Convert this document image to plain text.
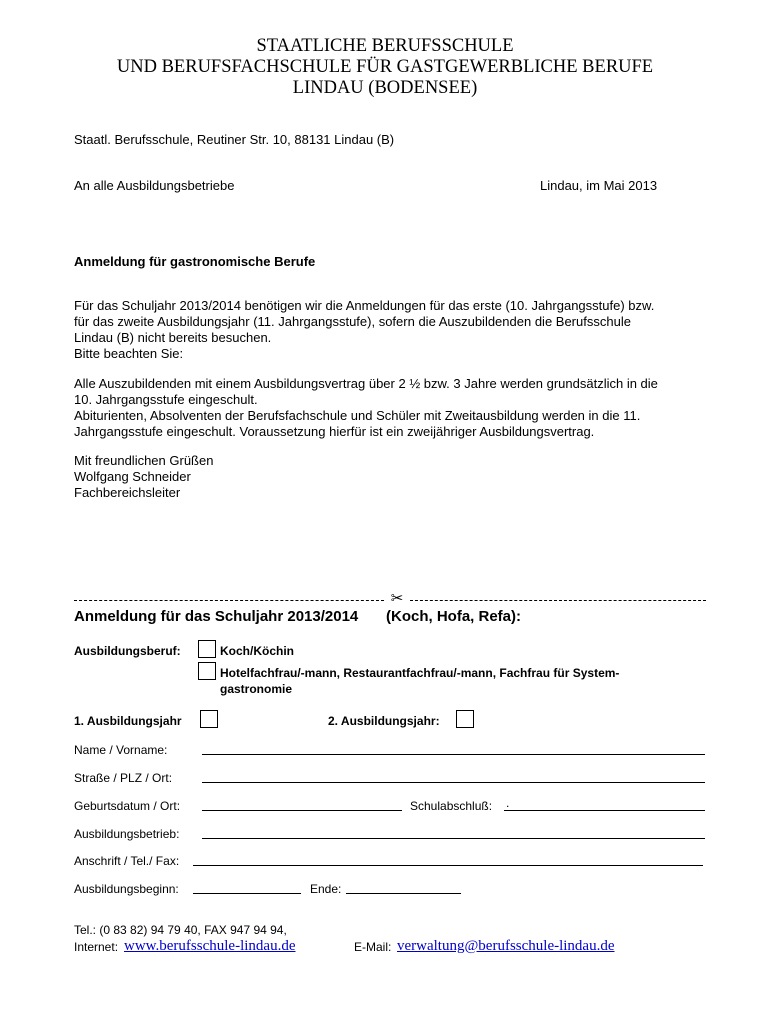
STAATLICHE BERUFSSCHULE
UND BERUFSFACHSCHULE FÜR GASTGEWERBLICHE BERUFE
LINDAU (BODENSEE)
Staatl. Berufsschule, Reutiner Str. 10, 88131 Lindau (B)
An alle Ausbildungsbetriebe	Lindau, im Mai 2013
Anmeldung für gastronomische Berufe
Für das Schuljahr 2013/2014 benötigen wir die Anmeldungen für das erste (10. Jahrgangsstufe) bzw.
für das zweite Ausbildungsjahr (11. Jahrgangsstufe), sofern die Auszubildenden die Berufsschule
Lindau (B) nicht bereits besuchen.
Bitte beachten Sie:
Alle Auszubildenden mit einem Ausbildungsvertrag über 2 ½ bzw. 3 Jahre werden grundsätzlich in die
10. Jahrgangsstufe eingeschult.
Abiturienten, Absolventen der Berufsfachschule und Schüler mit Zweitausbildung werden in die 11.
Jahrgangsstufe eingeschult. Voraussetzung hierfür ist ein zweijähriger Ausbildungsvertrag.
Mit freundlichen Grüßen
Wolfgang Schneider
Fachbereichsleiter
✂
Anmeldung für das Schuljahr 2013/2014 (Koch, Hofa, Refa):
Ausbildungsberuf:	Koch/Köchin
Hotelfachfrau/-mann, Restaurantfachfrau/-mann, Fachfrau für System-
gastronomie
1. Ausbildungsjahr	2. Ausbildungsjahr:
Name / Vorname:
Straße / PLZ / Ort:
Geburtsdatum / Ort:	Schulabschluß: .
Ausbildungsbetrieb:
Anschrift / Tel./ Fax:
Ausbildungsbeginn:	Ende:
Tel.: (0 83 82) 94 79 40, FAX 947 94 94,
Internet: www.berufsschule-lindau.de	E-Mail: verwaltung@berufsschule-lindau.de
